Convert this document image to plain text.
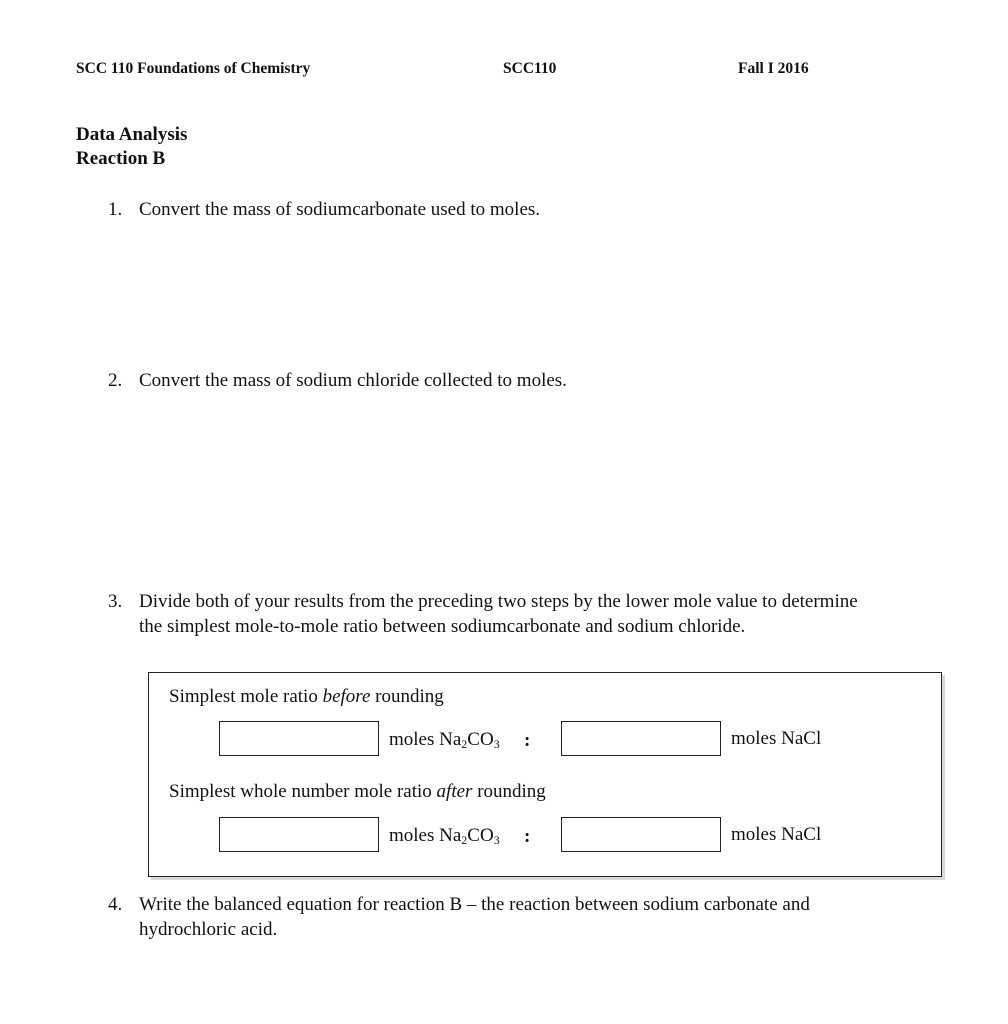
SCC 110 Foundations of Chemistry	SCC110	Fall I 2016
Data Analysis
Reaction B
1. Convert the mass of sodiumcarbonate used to moles.
2. Convert the mass of sodium chloride collected to moles.
3. Divide both of your results from the preceding two steps by the lower mole value to determine the simplest mole-to-mole ratio between sodiumcarbonate and sodium chloride.
Simplest mole ratio before rounding
moles $Na_2CO_3$ :	moles NaCl
Simplest whole number mole ratio after rounding
moles $Na_2CO_3$ :	moles NaCl
4. Write the balanced equation for reaction B – the reaction between sodium carbonate and hydrochloric acid.
